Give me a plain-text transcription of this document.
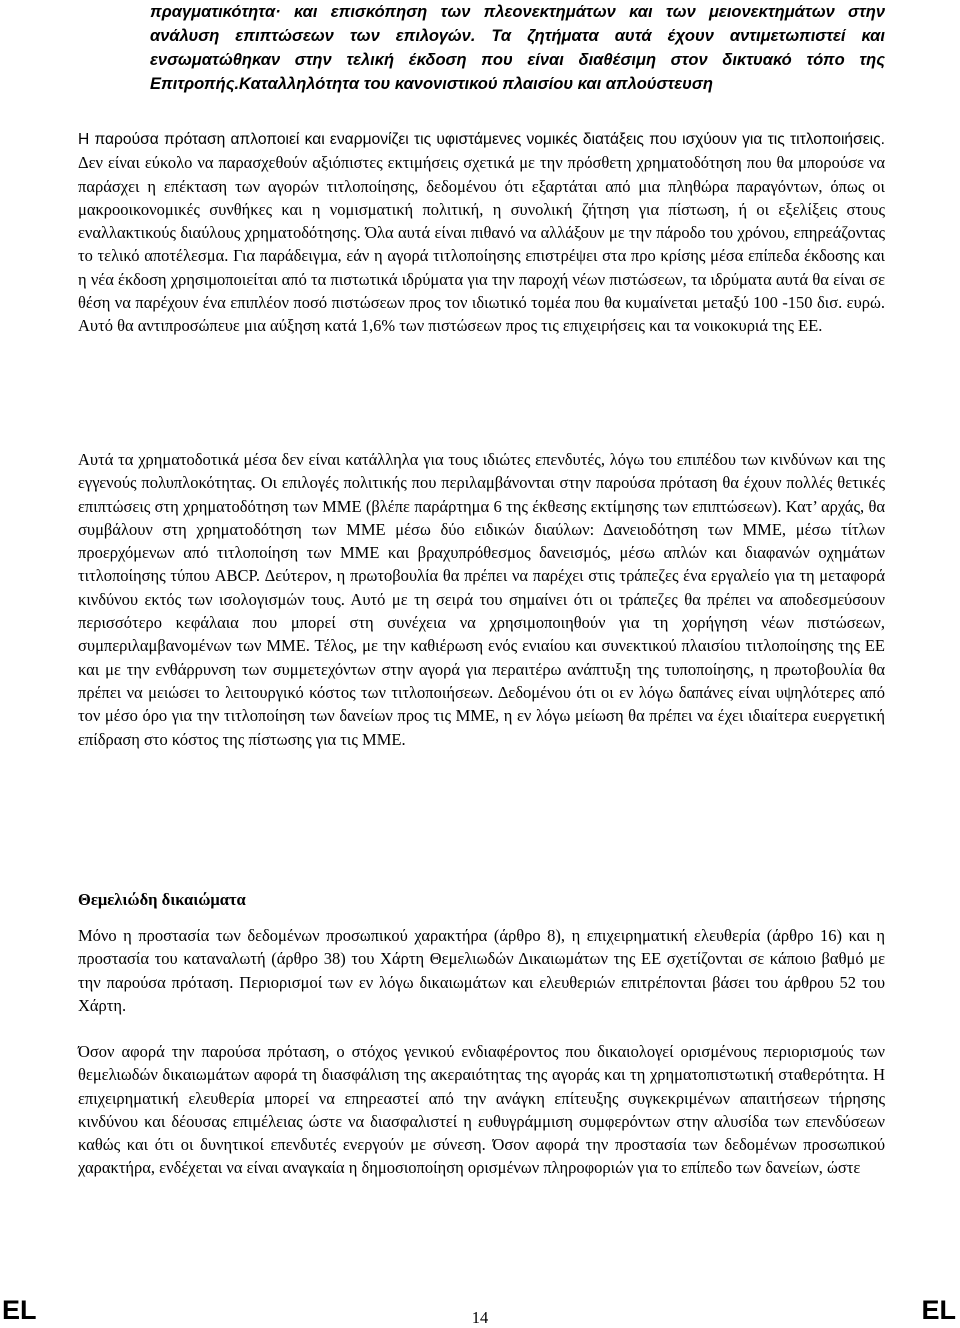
πραγματικότητα· και επισκόπηση των πλεονεκτημάτων και των μειονεκτημάτων στην ανάλυση επιπτώσεων των επιλογών. Τα ζητήματα αυτά έχουν αντιμετωπιστεί και ενσωματώθηκαν στην τελική έκδοση που είναι διαθέσιμη στον δικτυακό τόπο της Επιτροπής.Καταλληλότητα του κανονιστικού πλαισίου και απλούστευση

Η παρούσα πρόταση απλοποιεί και εναρμονίζει τις υφιστάμενες νομικές διατάξεις που ισχύουν για τις τιτλοποιήσεις. Δεν είναι εύκολο να παρασχεθούν αξιόπιστες εκτιμήσεις σχετικά με την πρόσθετη χρηματοδότηση που θα μπορούσε να παράσχει η επέκταση των αγορών τιτλοποίησης, δεδομένου ότι εξαρτάται από μια πληθώρα παραγόντων, όπως οι μακροοικονομικές συνθήκες και η νομισματική πολιτική, η συνολική ζήτηση για πίστωση, ή οι εξελίξεις στους εναλλακτικούς διαύλους χρηματοδότησης. Όλα αυτά είναι πιθανό να αλλάξουν με την πάροδο του χρόνου, επηρεάζοντας το τελικό αποτέλεσμα. Για παράδειγμα, εάν η αγορά τιτλοποίησης επιστρέψει στα προ κρίσης μέσα επίπεδα έκδοσης και η νέα έκδοση χρησιμοποιείται από τα πιστωτικά ιδρύματα για την παροχή νέων πιστώσεων, τα ιδρύματα αυτά θα είναι σε θέση να παρέχουν ένα επιπλέον ποσό πιστώσεων προς τον ιδιωτικό τομέα που θα κυμαίνεται μεταξύ 100 -150 δισ. ευρώ. Αυτό θα αντιπροσώπευε μια αύξηση κατά 1,6% των πιστώσεων προς τις επιχειρήσεις και τα νοικοκυριά της ΕΕ.

Αυτά τα χρηματοδοτικά μέσα δεν είναι κατάλληλα για τους ιδιώτες επενδυτές, λόγω του επιπέδου των κινδύνων και της εγγενούς πολυπλοκότητας. Οι επιλογές πολιτικής που περιλαμβάνονται στην παρούσα πρόταση θα έχουν πολλές θετικές επιπτώσεις στη χρηματοδότηση των ΜΜΕ (βλέπε παράρτημα 6 της έκθεσης εκτίμησης των επιπτώσεων). Κατ’ αρχάς, θα συμβάλουν στη χρηματοδότηση των ΜΜΕ μέσω δύο ειδικών διαύλων: Δανειοδότηση των ΜΜΕ, μέσω τίτλων προερχόμενων από τιτλοποίηση των ΜΜΕ και βραχυπρόθεσμος δανεισμός, μέσω απλών και διαφανών οχημάτων τιτλοποίησης τύπου ABCP. Δεύτερον, η πρωτοβουλία θα πρέπει να παρέχει στις τράπεζες ένα εργαλείο για τη μεταφορά κινδύνου εκτός των ισολογισμών τους. Αυτό με τη σειρά του σημαίνει ότι οι τράπεζες θα πρέπει να αποδεσμεύσουν περισσότερο κεφάλαια που μπορεί στη συνέχεια να χρησιμοποιηθούν για τη χορήγηση νέων πιστώσεων, συμπεριλαμβανομένων των ΜΜΕ. Τέλος, με την καθιέρωση ενός ενιαίου και συνεκτικού πλαισίου τιτλοποίησης της ΕΕ και με την ενθάρρυνση των συμμετεχόντων στην αγορά για περαιτέρω ανάπτυξη της τυποποίησης, η πρωτοβουλία θα πρέπει να μειώσει το λειτουργικό κόστος των τιτλοποιήσεων. Δεδομένου ότι οι εν λόγω δαπάνες είναι υψηλότερες από τον μέσο όρο για την τιτλοποίηση των δανείων προς τις ΜΜΕ, η εν λόγω μείωση θα πρέπει να έχει ιδιαίτερα ευεργετική επίδραση στο κόστος της πίστωσης για τις ΜΜΕ.

Θεμελιώδη δικαιώματα

Μόνο η προστασία των δεδομένων προσωπικού χαρακτήρα (άρθρο 8), η επιχειρηματική ελευθερία (άρθρο 16) και η προστασία του καταναλωτή (άρθρο 38) του Χάρτη Θεμελιωδών Δικαιωμάτων της ΕΕ σχετίζονται σε κάποιο βαθμό με την παρούσα πρόταση. Περιορισμοί των εν λόγω δικαιωμάτων και ελευθεριών επιτρέπονται βάσει του άρθρου 52 του Χάρτη.

Όσον αφορά την παρούσα πρόταση, ο στόχος γενικού ενδιαφέροντος που δικαιολογεί ορισμένους περιορισμούς των θεμελιωδών δικαιωμάτων αφορά τη διασφάλιση της ακεραιότητας της αγοράς και τη χρηματοπιστωτική σταθερότητα. Η επιχειρηματική ελευθερία μπορεί να επηρεαστεί από την ανάγκη επίτευξης συγκεκριμένων απαιτήσεων τήρησης κινδύνου και δέουσας επιμέλειας ώστε να διασφαλιστεί η ευθυγράμμιση συμφερόντων στην αλυσίδα των επενδύσεων καθώς και ότι οι δυνητικοί επενδυτές ενεργούν με σύνεση. Όσον αφορά την προστασία των δεδομένων προσωπικού χαρακτήρα, ενδέχεται να είναι αναγκαία η δημοσιοποίηση ορισμένων πληροφοριών για το επίπεδο των δανείων, ώστε

EL	14	EL
